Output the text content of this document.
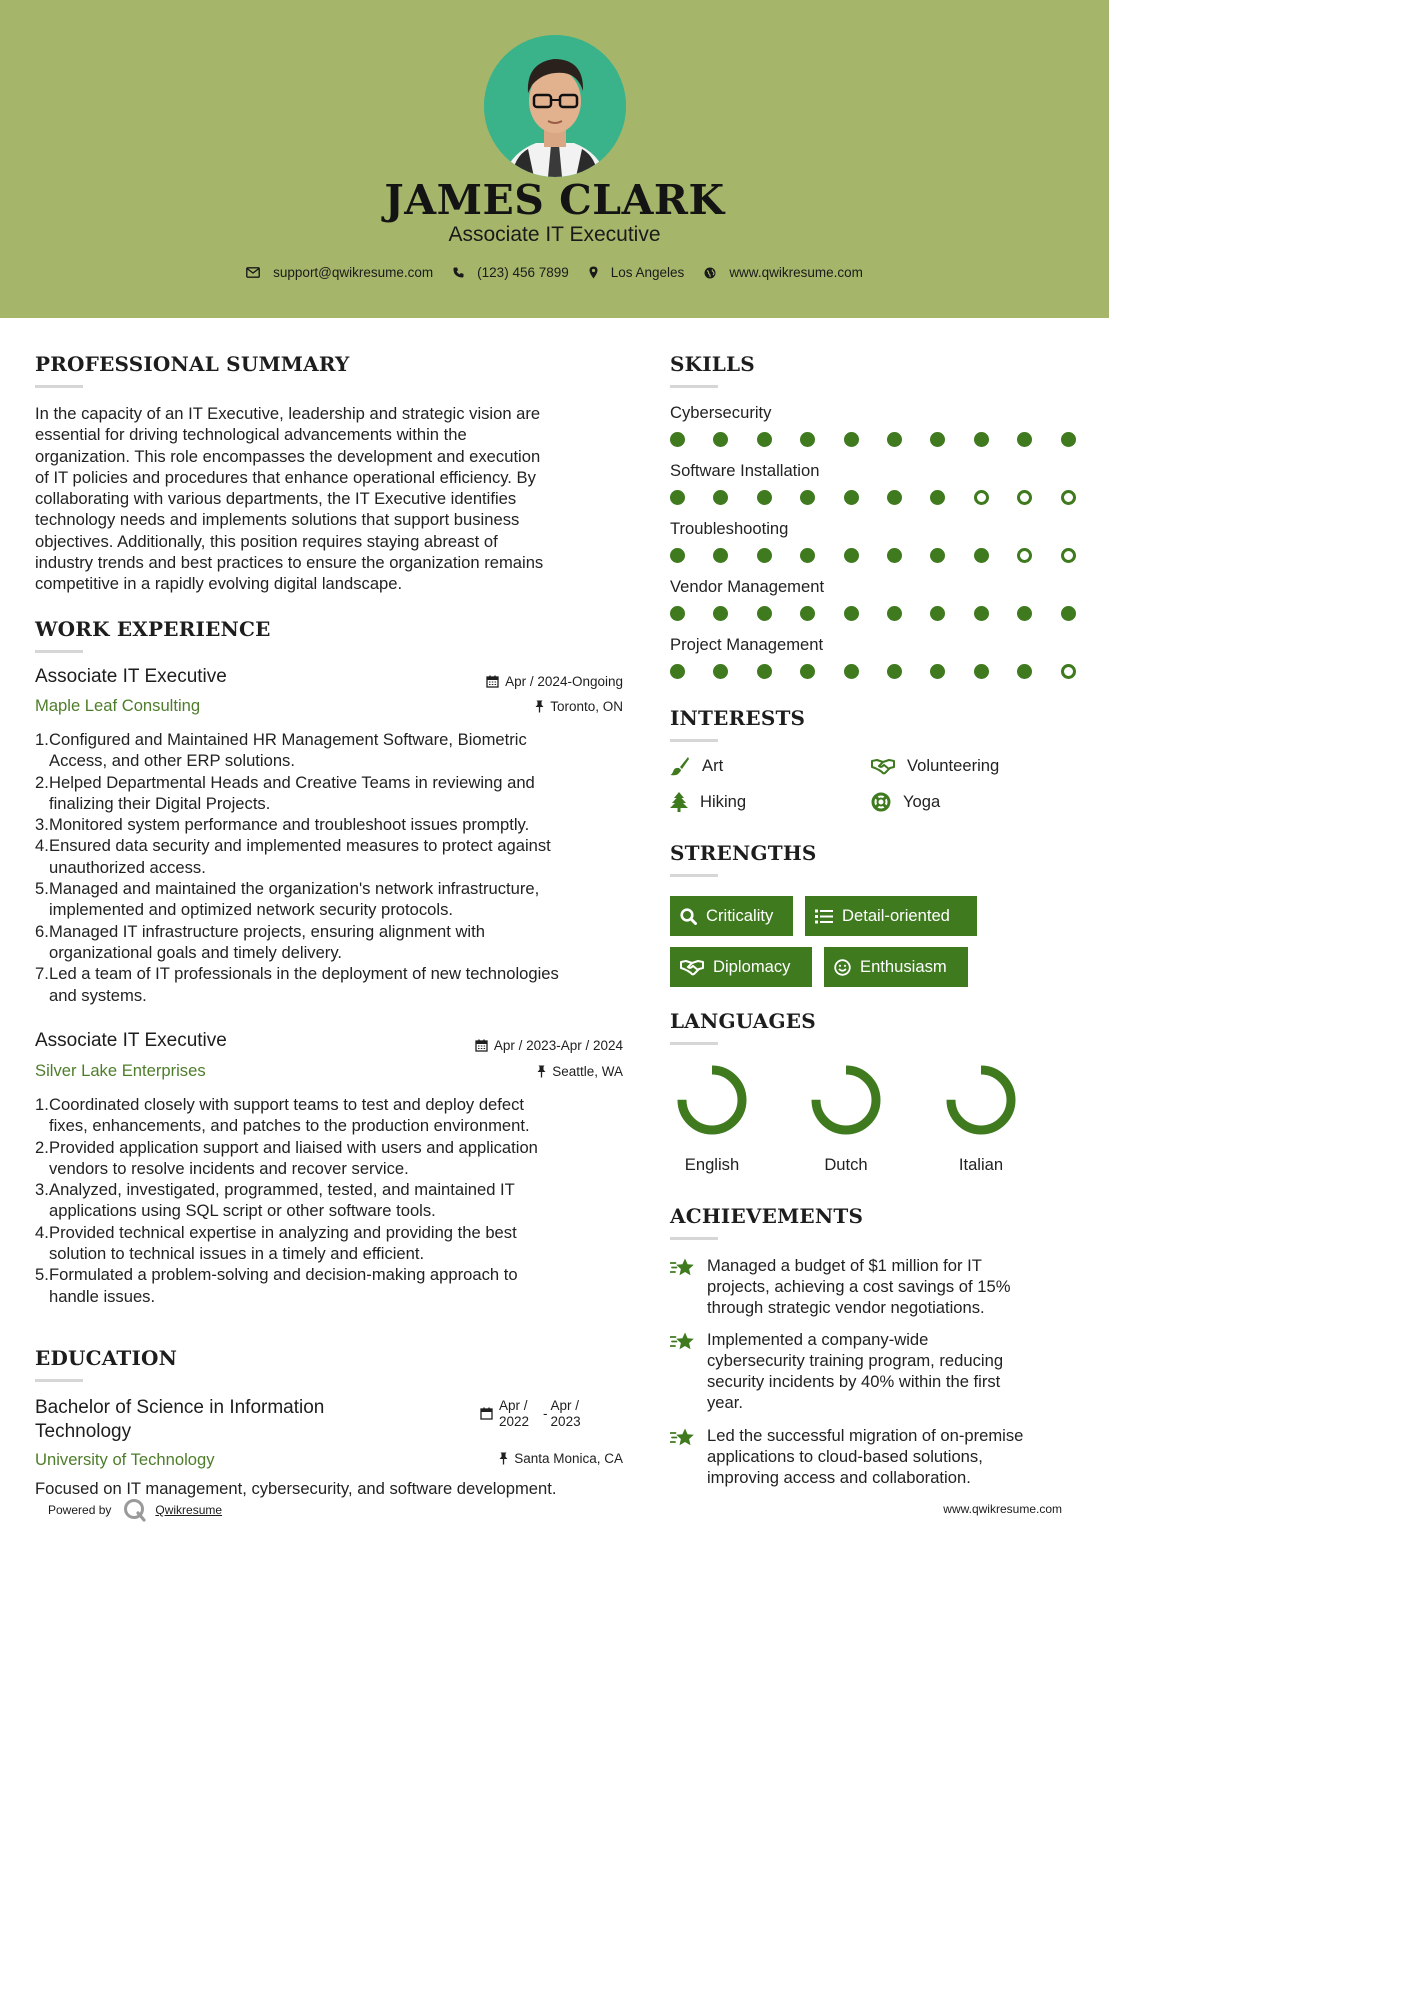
JAMES CLARK
Associate IT Executive
support@qwikresume.com	(123) 456 7899	Los Angeles	www.qwikresume.com
PROFESSIONAL SUMMARY
In the capacity of an IT Executive, leadership and strategic vision are
essential for driving technological advancements within the
organization. This role encompasses the development and execution
of IT policies and procedures that enhance operational efficiency. By
collaborating with various departments, the IT Executive identifies
technology needs and implements solutions that support business
objectives. Additionally, this position requires staying abreast of
industry trends and best practices to ensure the organization remains
competitive in a rapidly evolving digital landscape.
WORK EXPERIENCE
Associate IT Executive
Maple Leaf Consulting
Apr / 2024-Ongoing
Toronto, ON
1. Configured and Maintained HR Management Software, Biometric
Access, and other ERP solutions.
2. Helped Departmental Heads and Creative Teams in reviewing and
finalizing their Digital Projects.
3. Monitored system performance and troubleshoot issues promptly.
4. Ensured data security and implemented measures to protect against
unauthorized access.
5. Managed and maintained the organization's network infrastructure,
implemented and optimized network security protocols.
6. Managed IT infrastructure projects, ensuring alignment with
organizational goals and timely delivery.
7. Led a team of IT professionals in the deployment of new technologies
and systems.
Associate IT Executive
Silver Lake Enterprises
Apr / 2023-Apr / 2024
Seattle, WA
1. Coordinated closely with support teams to test and deploy defect
fixes, enhancements, and patches to the production environment.
2. Provided application support and liaised with users and application
vendors to resolve incidents and recover service.
3. Analyzed, investigated, programmed, tested, and maintained IT
applications using SQL script or other software tools.
4. Provided technical expertise in analyzing and providing the best
solution to technical issues in a timely and efficient.
5. Formulated a problem-solving and decision-making approach to
handle issues.
EDUCATION
Bachelor of Science in Information
Technology
Apr /
2022
-
Apr /
2023
University of Technology	Santa Monica, CA
Focused on IT management, cybersecurity, and software development.
SKILLS
Cybersecurity
Software Installation
Troubleshooting
Vendor Management
Project Management
INTERESTS
Art	Volunteering
Hiking	Yoga
STRENGTHS
Criticality	Detail-oriented
Diplomacy	Enthusiasm
LANGUAGES
English	Dutch	Italian
ACHIEVEMENTS
Managed a budget of $1 million for IT
projects, achieving a cost savings of 15%
through strategic vendor negotiations.
Implemented a company-wide
cybersecurity training program, reducing
security incidents by 40% within the first
year.
Led the successful migration of on-premise
applications to cloud-based solutions,
improving access and collaboration.
Powered by	Qwikresume	www.qwikresume.com
